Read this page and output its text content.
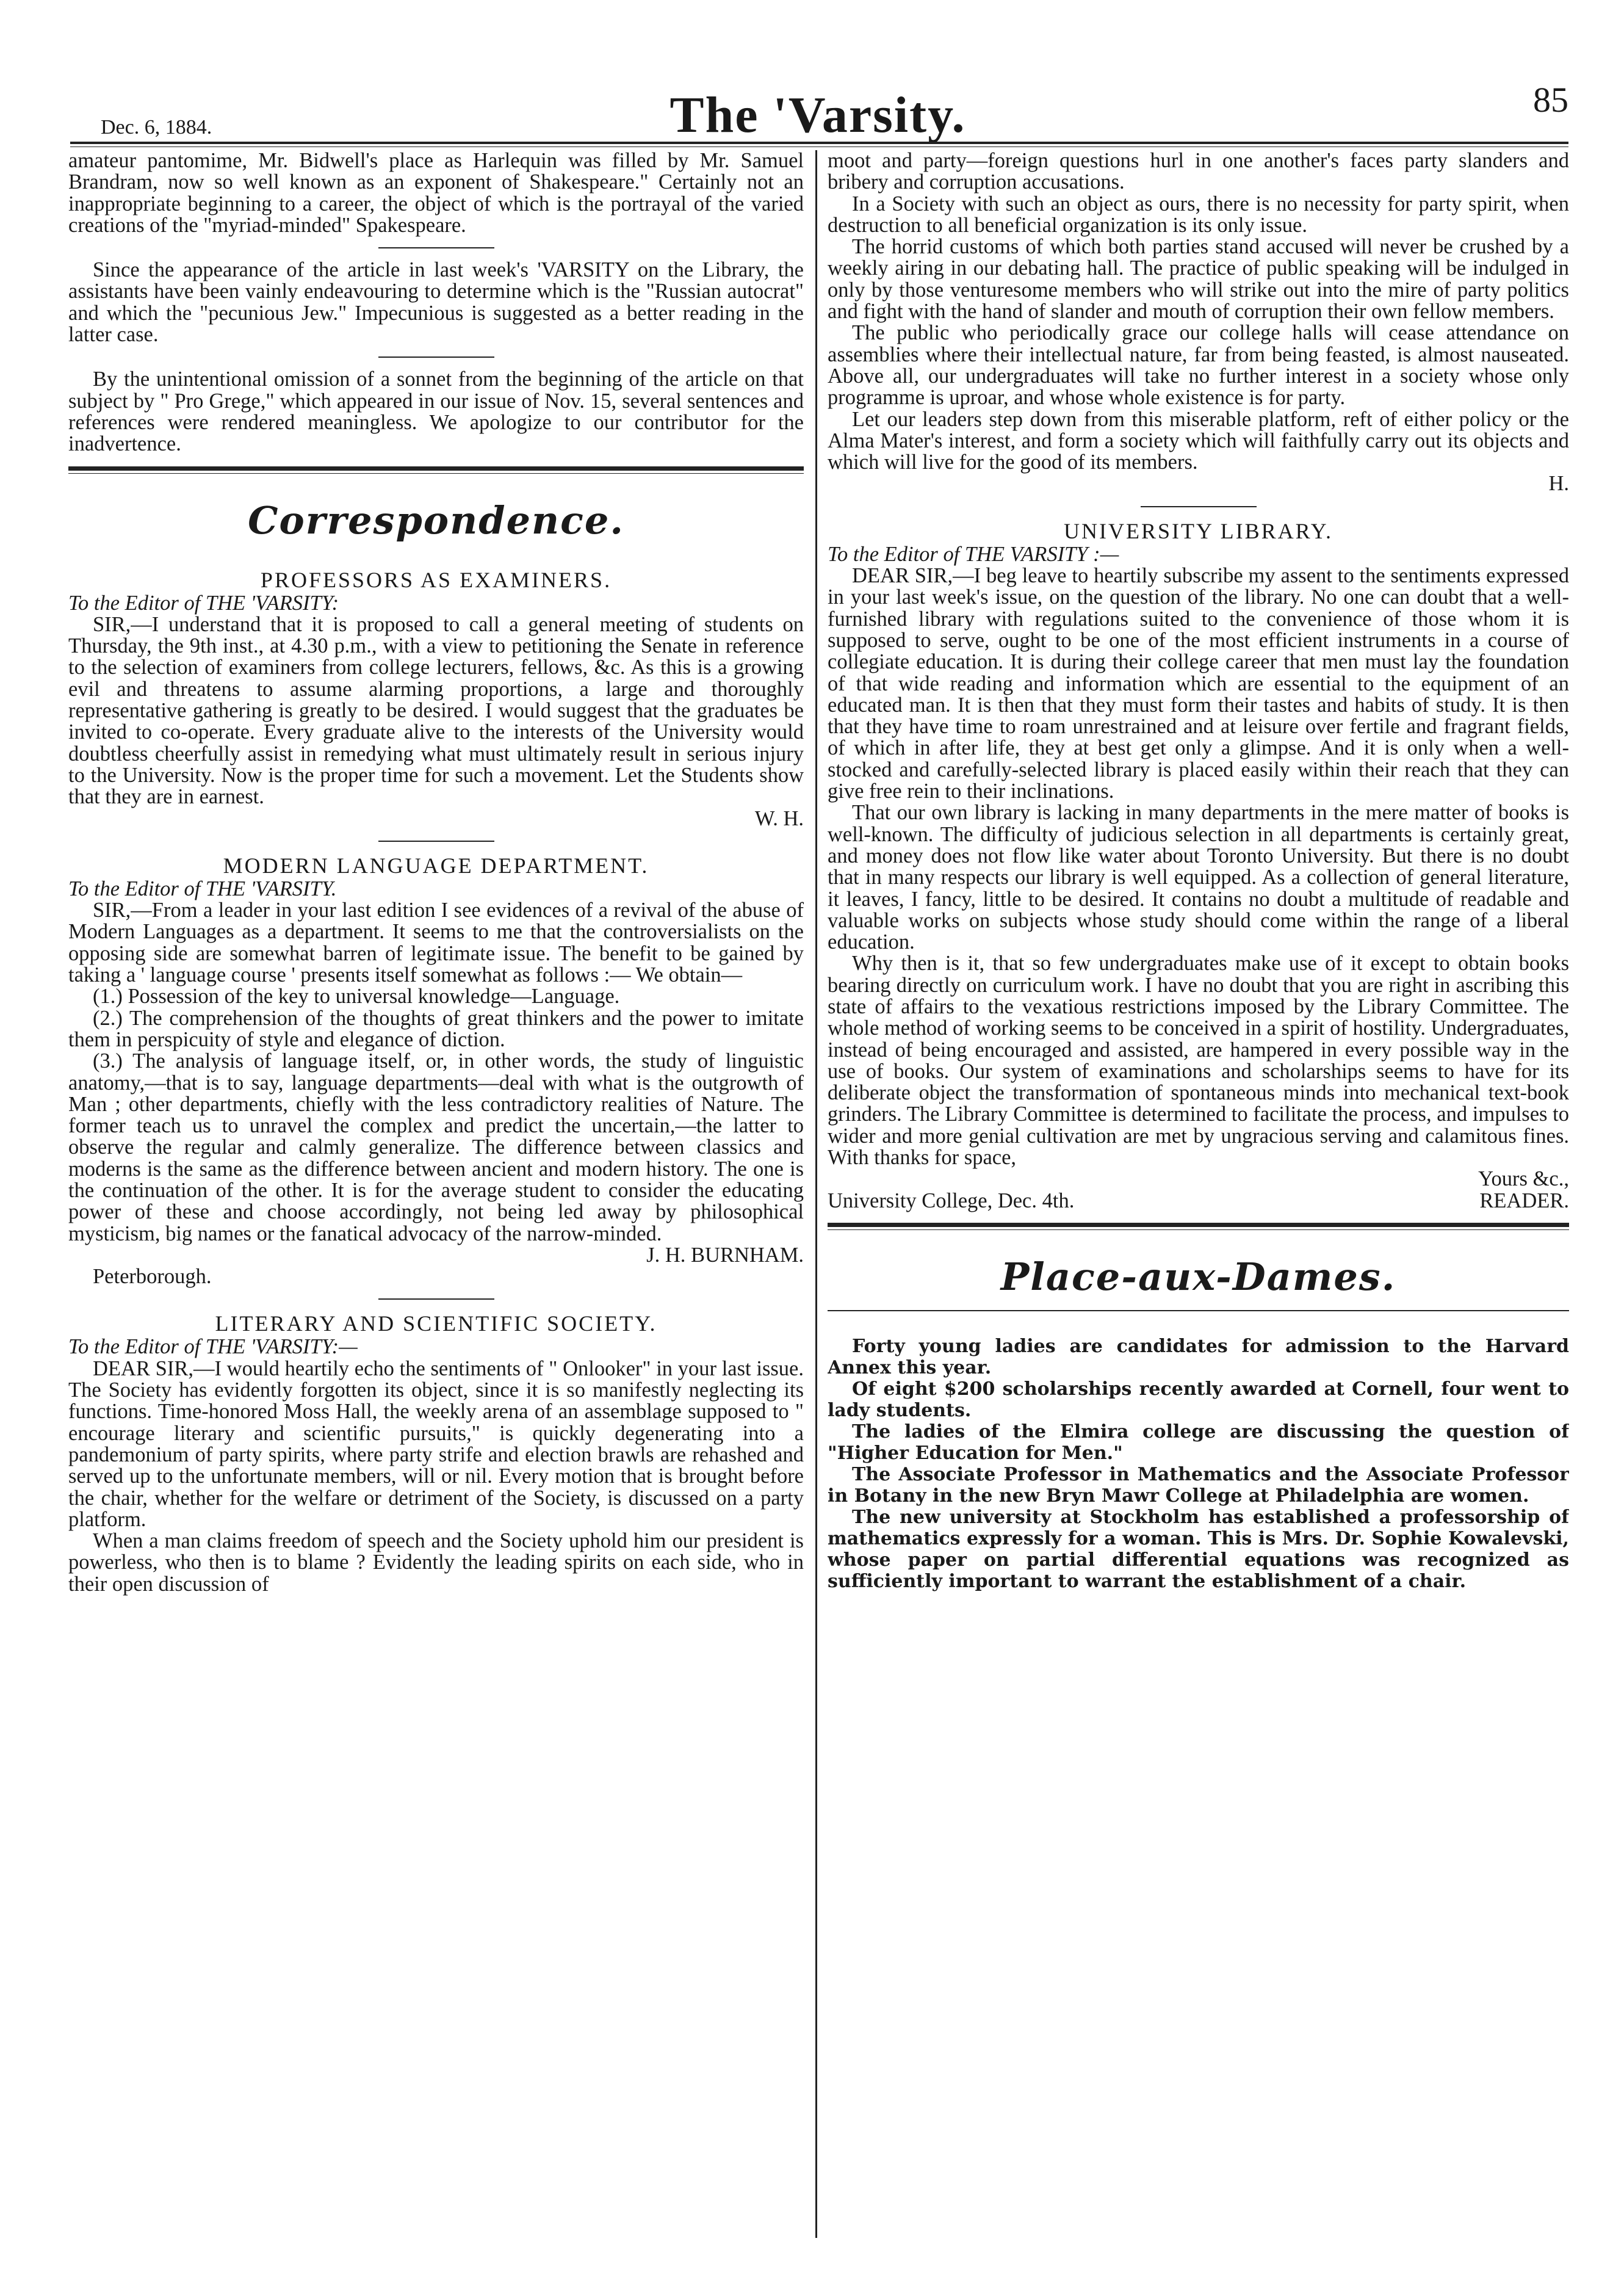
Dec. 6, 1884.	The 'Varsity.	85

amateur pantomime, Mr. Bidwell's place as Harlequin was filled by Mr. Samuel Brandram, now so well known as an exponent of Shakespeare." Certainly not an inappropriate beginning to a career, the object of which is the portrayal of the varied creations of the "myriad-minded" Spakespeare.

Since the appearance of the article in last week's 'VARSITY on the Library, the assistants have been vainly endeavouring to determine which is the "Russian autocrat" and which the "pecunious Jew." Impecunious is suggested as a better reading in the latter case.

By the unintentional omission of a sonnet from the beginning of the article on that subject by " Pro Grege," which appeared in our issue of Nov. 15, several sentences and references were rendered meaningless. We apologize to our contributor for the inadvertence.

Correspondence.
PROFESSORS AS EXAMINERS.

To the Editor of THE 'VARSITY:

SIR,—I understand that it is proposed to call a general meeting of students on Thursday, the 9th inst., at 4.30 p.m., with a view to petitioning the Senate in reference to the selection of examiners from college lecturers, fellows, &c. As this is a growing evil and threatens to assume alarming proportions, a large and thoroughly representative gathering is greatly to be desired. I would suggest that the graduates be invited to co-operate. Every graduate alive to the interests of the University would doubtless cheerfully assist in remedying what must ultimately result in serious injury to the University. Now is the proper time for such a movement. Let the Students show that they are in earnest.

W. H.
MODERN LANGUAGE DEPARTMENT.

To the Editor of THE 'VARSITY.

SIR,—From a leader in your last edition I see evidences of a revival of the abuse of Modern Languages as a department. It seems to me that the controversialists on the opposing side are somewhat barren of legitimate issue. The benefit to be gained by taking a ' language course ' presents itself somewhat as follows :— We obtain—

(1.) Possession of the key to universal knowledge—Language.

(2.) The comprehension of the thoughts of great thinkers and the power to imitate them in perspicuity of style and elegance of diction.

(3.) The analysis of language itself, or, in other words, the study of linguistic anatomy,—that is to say, language departments—deal with what is the outgrowth of Man ; other departments, chiefly with the less contradictory realities of Nature. The former teach us to unravel the complex and predict the uncertain,—the latter to observe the regular and calmly generalize. The difference between classics and moderns is the same as the difference between ancient and modern history. The one is the continuation of the other. It is for the average student to consider the educating power of these and choose accordingly, not being led away by philosophical mysticism, big names or the fanatical advocacy of the narrow-minded.

J. H. BURNHAM.

Peterborough.

LITERARY AND SCIENTIFIC SOCIETY.

To the Editor of THE 'VARSITY:—

DEAR SIR,—I would heartily echo the sentiments of " Onlooker" in your last issue. The Society has evidently forgotten its object, since it is so manifestly neglecting its functions. Time-honored Moss Hall, the weekly arena of an assemblage supposed to " encourage literary and scientific pursuits," is quickly degenerating into a pandemonium of party spirits, where party strife and election brawls are rehashed and served up to the unfortunate members, will or nil. Every motion that is brought before the chair, whether for the welfare or detriment of the Society, is discussed on a party platform.

When a man claims freedom of speech and the Society uphold him our president is powerless, who then is to blame ? Evidently the leading spirits on each side, who in their open discussion of

moot and party—foreign questions hurl in one another's faces party slanders and bribery and corruption accusations.

In a Society with such an object as ours, there is no necessity for party spirit, when destruction to all beneficial organization is its only issue.

The horrid customs of which both parties stand accused will never be crushed by a weekly airing in our debating hall. The practice of public speaking will be indulged in only by those venturesome members who will strike out into the mire of party politics and fight with the hand of slander and mouth of corruption their own fellow members.

The public who periodically grace our college halls will cease attendance on assemblies where their intellectual nature, far from being feasted, is almost nauseated. Above all, our undergraduates will take no further interest in a society whose only programme is uproar, and whose whole existence is for party.

Let our leaders step down from this miserable platform, reft of either policy or the Alma Mater's interest, and form a society which will faithfully carry out its objects and which will live for the good of its members.

H.
UNIVERSITY LIBRARY.

To the Editor of THE VARSITY :—

DEAR SIR,—I beg leave to heartily subscribe my assent to the sentiments expressed in your last week's issue, on the question of the library. No one can doubt that a well-furnished library with regulations suited to the convenience of those whom it is supposed to serve, ought to be one of the most efficient instruments in a course of collegiate education. It is during their college career that men must lay the foundation of that wide reading and information which are essential to the equipment of an educated man. It is then that they must form their tastes and habits of study. It is then that they have time to roam unrestrained and at leisure over fertile and fragrant fields, of which in after life, they at best get only a glimpse. And it is only when a well-stocked and carefully-selected library is placed easily within their reach that they can give free rein to their inclinations.

That our own library is lacking in many departments in the mere matter of books is well-known. The difficulty of judicious selection in all departments is certainly great, and money does not flow like water about Toronto University. But there is no doubt that in many respects our library is well equipped. As a collection of general literature, it leaves, I fancy, little to be desired. It contains no doubt a multitude of readable and valuable works on subjects whose study should come within the range of a liberal education.

Why then is it, that so few undergraduates make use of it except to obtain books bearing directly on curriculum work. I have no doubt that you are right in ascribing this state of affairs to the vexatious restrictions imposed by the Library Committee. The whole method of working seems to be conceived in a spirit of hostility. Undergraduates, instead of being encouraged and assisted, are hampered in every possible way in the use of books. Our system of examinations and scholarships seems to have for its deliberate object the transformation of spontaneous minds into mechanical text-book grinders. The Library Committee is determined to facilitate the process, and impulses to wider and more genial cultivation are met by ungracious serving and calamitous fines. With thanks for space,

Yours &c.,
University College, Dec. 4th.	READER.
Place-aux-Dames.

Forty young ladies are candidates for admission to the Harvard Annex this year.

Of eight $200 scholarships recently awarded at Cornell, four went to lady students.

The ladies of the Elmira college are discussing the question of "Higher Education for Men."

The Associate Professor in Mathematics and the Associate Professor in Botany in the new Bryn Mawr College at Philadelphia are women.

The new university at Stockholm has established a professorship of mathematics expressly for a woman. This is Mrs. Dr. Sophie Kowalevski, whose paper on partial differential equations was recognized as sufficiently important to warrant the establishment of a chair.
